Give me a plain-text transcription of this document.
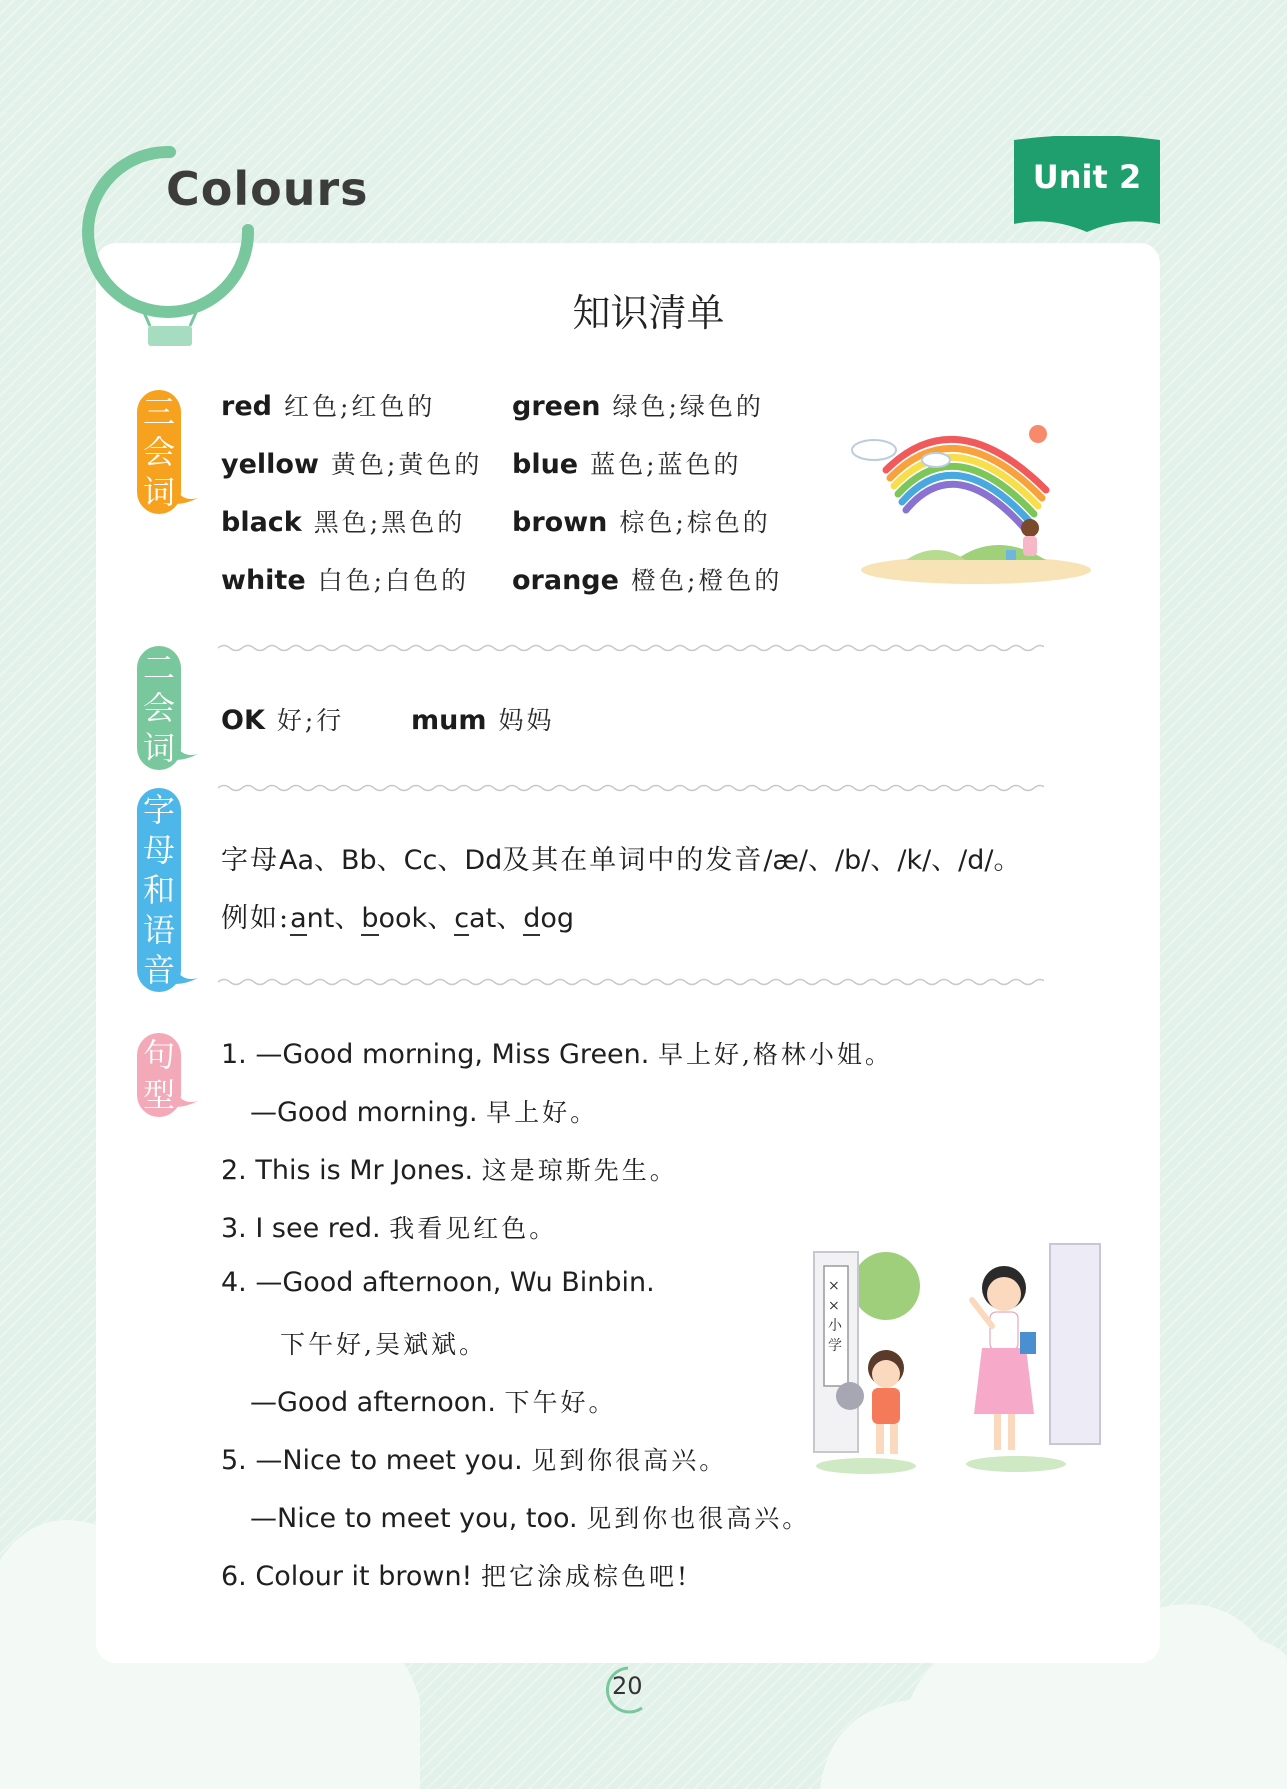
Colours	Unit 2
知识清单
三
会
词
red 红色;红色的	green 绿色;绿色的
yellow 黄色;黄色的 blue 蓝色;蓝色的
black 黑色;黑色的 brown 棕色;棕色的
white 白色;白色的 orange 橙色;橙色的
二
会
词
OK 好;行 mum 妈妈
字
母
和
语
音
字母Aa、Bb、Cc、Dd及其在单词中的发音/æ/、/b/、/k/、/d/。
例如:ant、book、cat、dog
句
型
1. —Good morning, Miss Green. 早上好,格林小姐。
—Good morning. 早上好。
2. This is Mr Jones. 这是琼斯先生。
3. I see red. 我看见红色。
4. —Good afternoon, Wu Binbin.
下午好,吴斌斌。
—Good afternoon. 下午好。
5. —Nice to meet you. 见到你很高兴。
—Nice to meet you, too. 见到你也很高兴。
6. Colour it brown! 把它涂成棕色吧!
××小学
20
